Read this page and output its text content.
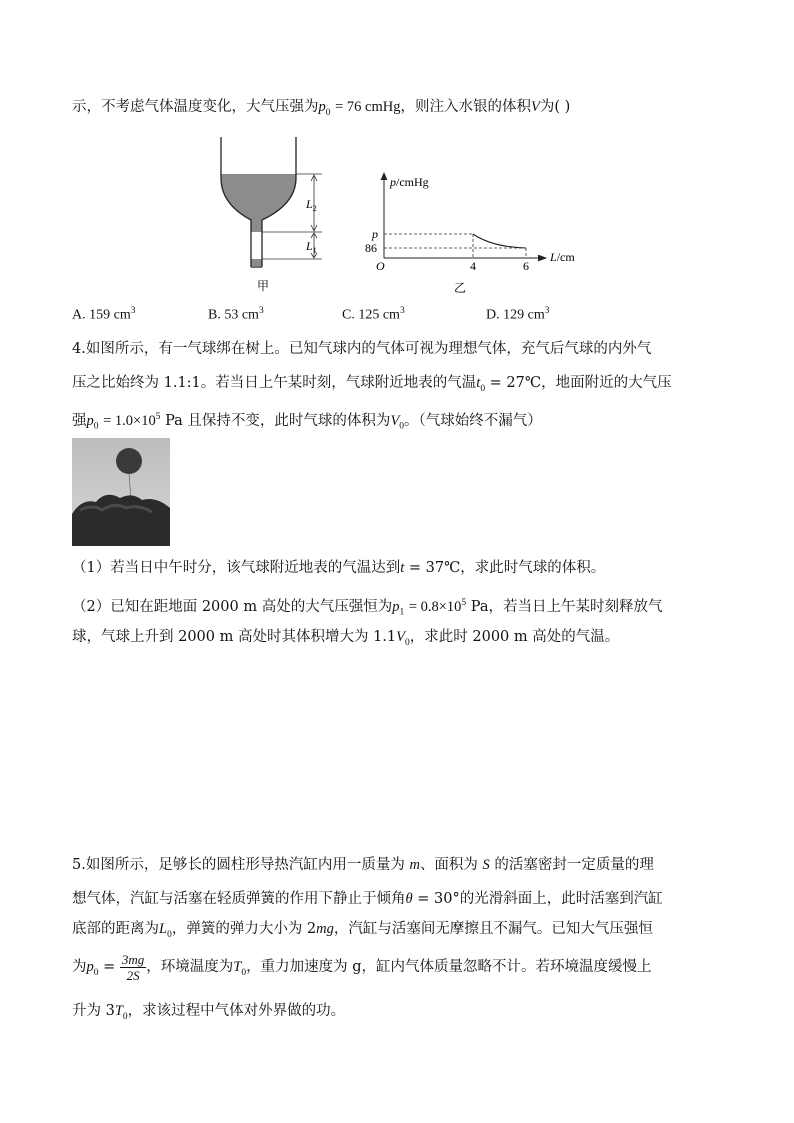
示，不考虑气体温度变化，大气压强为$p_0 = 76$ cmHg，则注入水银的体积V为( )
$L_2$
$L_1$
甲
p/cmHg
L/cm
p
86
O	4	6
乙
A. 159 $cm^3$	B. 53 $cm^3$	C. 125 $cm^3$	D. 129 $cm^3$
4.如图所示，有一气球绑在树上。已知气球内的气体可视为理想气体，充气后气球的内外气
压之比始终为 1.1:1。若当日上午某时刻，气球附近地表的气温$t_0$ = 27℃，地面附近的大气压
强$p_0 = 1.0\times 10^5$ Pa 且保持不变，此时气球的体积为$V_0$。（气球始终不漏气）
（1）若当日中午时分，该气球附近地表的气温达到t = 37℃，求此时气球的体积。
（2）已知在距地面 2000 m 高处的大气压强恒为$p_1 = 0.8\times 10^5$ Pa，若当日上午某时刻释放气
球，气球上升到 2000 m 高处时其体积增大为 $1.1V_0$，求此时 2000 m 高处的气温。
5.如图所示，足够长的圆柱形导热汽缸内用一质量为 m、面积为 S 的活塞密封一定质量的理
想气体，汽缸与活塞在轻质弹簧的作用下静止于倾角θ = 30°的光滑斜面上，此时活塞到汽缸
底部的距离为$L_0$，弹簧的弹力大小为 2mg，汽缸与活塞间无摩擦且不漏气。已知大气压强恒
为$p_0 = \frac{3mg}{2S}$ ，环境温度为$T_0$，重力加速度为 g，缸内气体质量忽略不计。若环境温度缓慢上
升为 $3T_0$，求该过程中气体对外界做的功。
